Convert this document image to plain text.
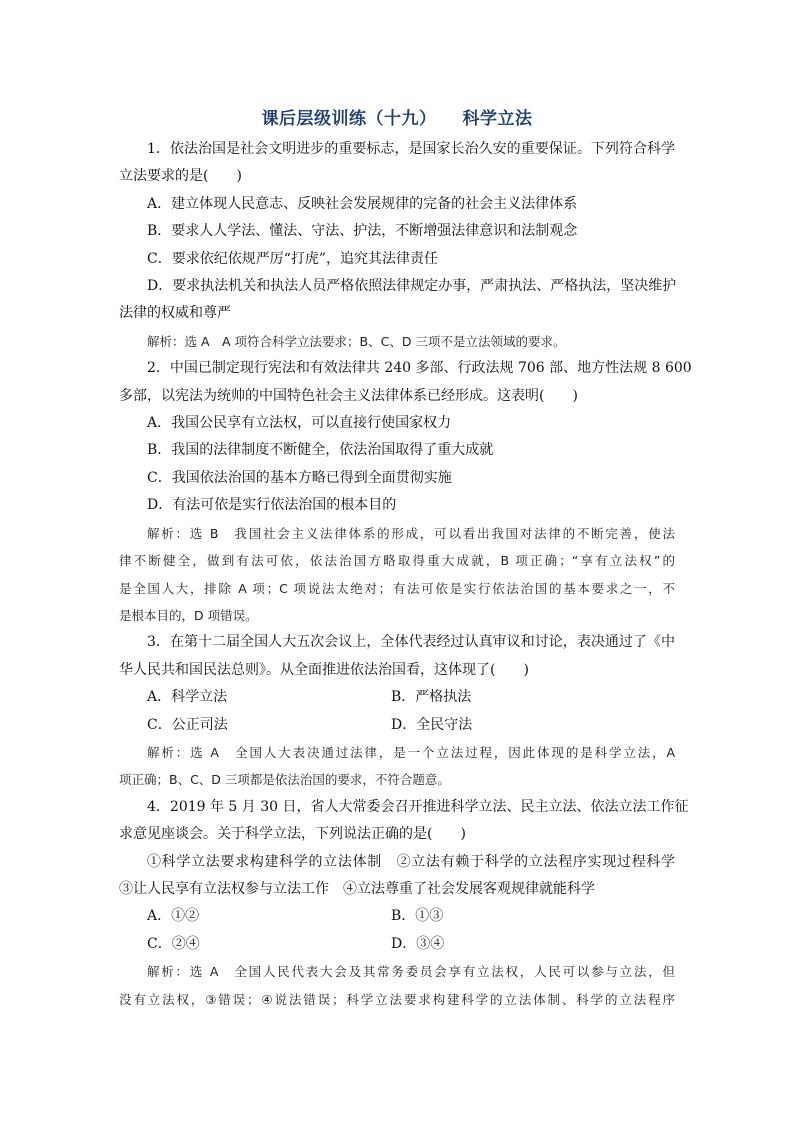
课后层级训练（十九） 科学立法
1．依法治国是社会文明进步的重要标志，是国家长治久安的重要保证。下列符合科学
立法要求的是(　　)
A．建立体现人民意志、反映社会发展规律的完备的社会主义法律体系
B．要求人人学法、懂法、守法、护法，不断增强法律意识和法制观念
C．要求依纪依规严厉“打虎”，追究其法律责任
D．要求执法机关和执法人员严格依照法律规定办事，严肃执法、严格执法，坚决维护
法律的权威和尊严
解析：选 A　A 项符合科学立法要求；B、C、D 三项不是立法领域的要求。
2．中国已制定现行宪法和有效法律共 240 多部、行政法规 706 部、地方性法规 8 600
多部，以宪法为统帅的中国特色社会主义法律体系已经形成。这表明(　　)
A．我国公民享有立法权，可以直接行使国家权力
B．我国的法律制度不断健全，依法治国取得了重大成就
C．我国依法治国的基本方略已得到全面贯彻实施
D．有法可依是实行依法治国的根本目的
解析：选 B　我国社会主义法律体系的形成，可以看出我国对法律的不断完善，使法
律不断健全，做到有法可依，依法治国方略取得重大成就，B 项正确；“享有立法权”的
是全国人大，排除 A 项；C 项说法太绝对；有法可依是实行依法治国的基本要求之一，不
是根本目的，D 项错误。
3．在第十二届全国人大五次会议上，全体代表经过认真审议和讨论，表决通过了《中
华人民共和国民法总则》。从全面推进依法治国看，这体现了(　　)
A．科学立法	B．严格执法
C．公正司法	D．全民守法
解析：选 A　全国人大表决通过法律，是一个立法过程，因此体现的是科学立法，A
项正确；B、C、D 三项都是依法治国的要求，不符合题意。
4．2019 年 5 月 30 日，省人大常委会召开推进科学立法、民主立法、依法立法工作征
求意见座谈会。关于科学立法，下列说法正确的是(　　)
①科学立法要求构建科学的立法体制　②立法有赖于科学的立法程序实现过程科学
③让人民享有立法权参与立法工作　④立法尊重了社会发展客观规律就能科学
A．①②	B．①③
C．②④	D．③④
解析：选 A　全国人民代表大会及其常务委员会享有立法权，人民可以参与立法，但
没有立法权，③错误；④说法错误；科学立法要求构建科学的立法体制、科学的立法程序
